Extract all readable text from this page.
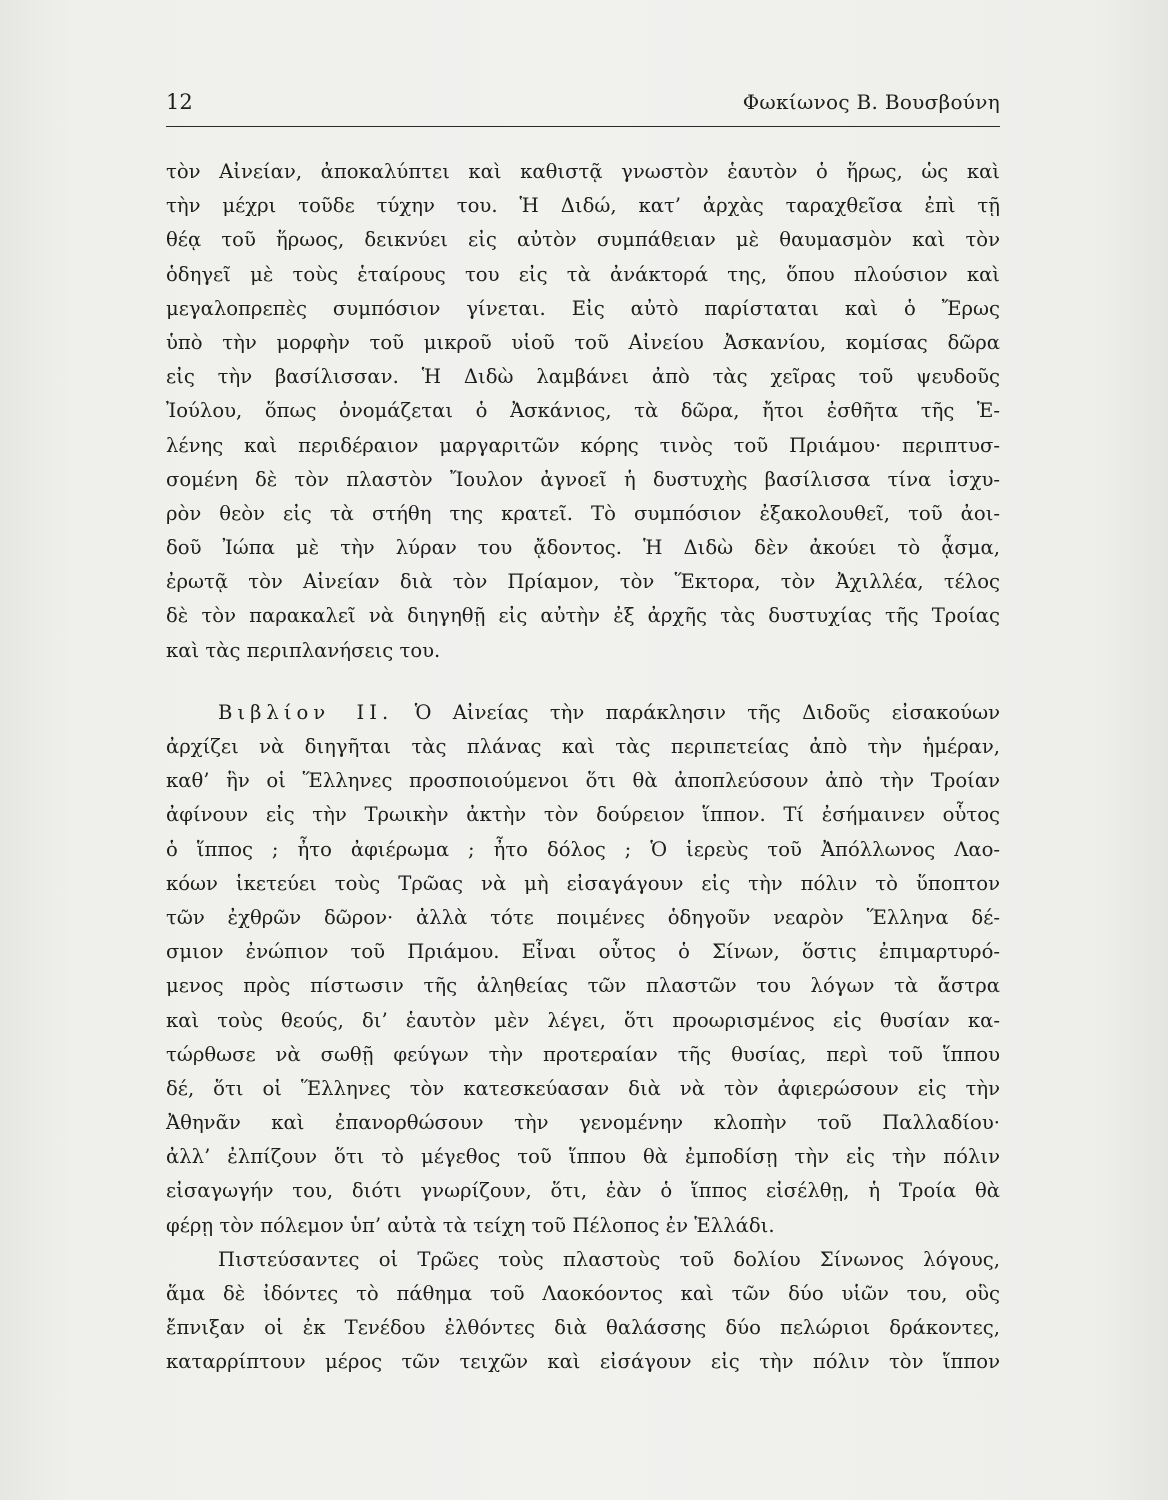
12	Φωκίωνος Β. Βουσβούνη
τὸν Αἰνείαν, ἀποκαλύπτει καὶ καθιστᾷ γνωστὸν ἑαυτὸν ὁ ἥρως, ὡς καὶ
τὴν μέχρι τοῦδε τύχην του. Ἡ Διδώ, κατ’ ἀρχὰς ταραχθεῖσα ἐπὶ τῇ
θέᾳ τοῦ ἥρωος, δεικνύει εἰς αὐτὸν συμπάθειαν μὲ θαυμασμὸν καὶ τὸν
ὁδηγεῖ μὲ τοὺς ἑταίρους του εἰς τὰ ἀνάκτορά της, ὅπου πλούσιον καὶ
μεγαλοπρεπὲς συμπόσιον γίνεται. Εἰς αὐτὸ παρίσταται καὶ ὁ Ἔρως
ὑπὸ τὴν μορφὴν τοῦ μικροῦ υἱοῦ τοῦ Αἰνείου Ἀσκανίου, κομίσας δῶρα
εἰς τὴν βασίλισσαν. Ἡ Διδὼ λαμβάνει ἀπὸ τὰς χεῖρας τοῦ ψευδοῦς
Ἰούλου, ὅπως ὀνομάζεται ὁ Ἀσκάνιος, τὰ δῶρα, ἤτοι ἐσθῆτα τῆς Ἑ-
λένης καὶ περιδέραιον μαργαριτῶν κόρης τινὸς τοῦ Πριάμου· περιπτυσ-
σομένη δὲ τὸν πλαστὸν Ἴουλον ἀγνοεῖ ἡ δυστυχὴς βασίλισσα τίνα ἰσχυ-
ρὸν θεὸν εἰς τὰ στήθη της κρατεῖ. Τὸ συμπόσιον ἐξακολουθεῖ, τοῦ ἀοι-
δοῦ Ἰώπα μὲ τὴν λύραν του ᾄδοντος. Ἡ Διδὼ δὲν ἀκούει τὸ ᾆσμα,
ἐρωτᾷ τὸν Αἰνείαν διὰ τὸν Πρίαμον, τὸν Ἕκτορα, τὸν Ἀχιλλέα, τέλος
δὲ τὸν παρακαλεῖ νὰ διηγηθῇ εἰς αὐτὴν ἐξ ἀρχῆς τὰς δυστυχίας τῆς Τροίας
καὶ τὰς περιπλανήσεις του.
Βιβλίον ΙΙ. Ὁ Αἰνείας τὴν παράκλησιν τῆς Διδοῦς εἰσακούων
ἀρχίζει νὰ διηγῆται τὰς πλάνας καὶ τὰς περιπετείας ἀπὸ τὴν ἡμέραν,
καθ’ ἣν οἱ Ἕλληνες προσποιούμενοι ὅτι θὰ ἀποπλεύσουν ἀπὸ τὴν Τροίαν
ἀφίνουν εἰς τὴν Τρωικὴν ἀκτὴν τὸν δούρειον ἵππον. Τί ἐσήμαινεν οὗτος
ὁ ἵππος ; ἦτο ἀφιέρωμα ; ἦτο δόλος ; Ὁ ἱερεὺς τοῦ Ἀπόλλωνος Λαο-
κόων ἱκετεύει τοὺς Τρῶας νὰ μὴ εἰσαγάγουν εἰς τὴν πόλιν τὸ ὕποπτον
τῶν ἐχθρῶν δῶρον· ἀλλὰ τότε ποιμένες ὁδηγοῦν νεαρὸν Ἕλληνα δέ-
σμιον ἐνώπιον τοῦ Πριάμου. Εἶναι οὗτος ὁ Σίνων, ὅστις ἐπιμαρτυρό-
μενος πρὸς πίστωσιν τῆς ἀληθείας τῶν πλαστῶν του λόγων τὰ ἄστρα
καὶ τοὺς θεούς, δι’ ἑαυτὸν μὲν λέγει, ὅτι προωρισμένος εἰς θυσίαν κα-
τώρθωσε νὰ σωθῇ φεύγων τὴν προτεραίαν τῆς θυσίας, περὶ τοῦ ἵππου
δέ, ὅτι οἱ Ἕλληνες τὸν κατεσκεύασαν διὰ νὰ τὸν ἀφιερώσουν εἰς τὴν
Ἀθηνᾶν καὶ ἐπανορθώσουν τὴν γενομένην κλοπὴν τοῦ Παλλαδίου·
ἀλλ’ ἐλπίζουν ὅτι τὸ μέγεθος τοῦ ἵππου θὰ ἐμποδίσῃ τὴν εἰς τὴν πόλιν
εἰσαγωγήν του, διότι γνωρίζουν, ὅτι, ἐὰν ὁ ἵππος εἰσέλθῃ, ἡ Τροία θὰ
φέρῃ τὸν πόλεμον ὑπ’ αὐτὰ τὰ τείχη τοῦ Πέλοπος ἐν Ἑλλάδι.
Πιστεύσαντες οἱ Τρῶες τοὺς πλαστοὺς τοῦ δολίου Σίνωνος λόγους,
ἅμα δὲ ἰδόντες τὸ πάθημα τοῦ Λαοκόοντος καὶ τῶν δύο υἱῶν του, οὓς
ἔπνιξαν οἱ ἐκ Τενέδου ἐλθόντες διὰ θαλάσσης δύο πελώριοι δράκοντες,
καταρρίπτουν μέρος τῶν τειχῶν καὶ εἰσάγουν εἰς τὴν πόλιν τὸν ἵππον
